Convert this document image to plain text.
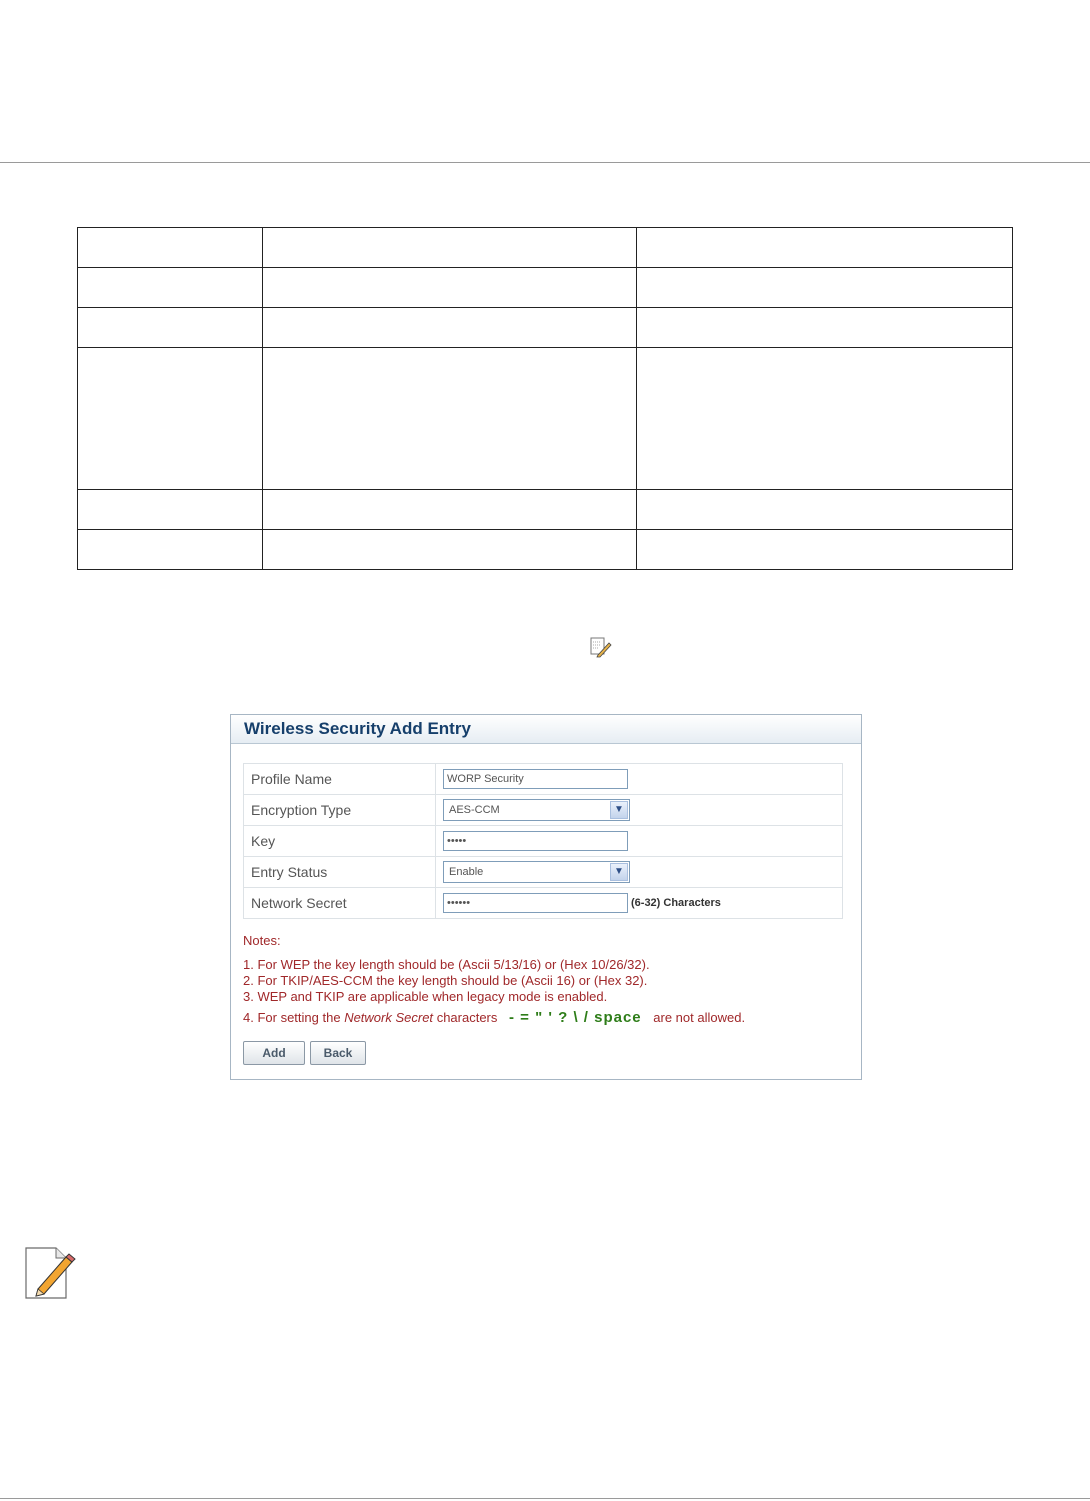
Wireless Security Add Entry
Profile Name	WORP Security
Encryption Type	AES-CCM ▼

Key	•••••
Entry Status	Enable ▼

Network Secret	•••••• (6-32) Characters
Notes:
1. For WEP the key length should be (Ascii 5/13/16) or (Hex 10/26/32).
2. For TKIP/AES-CCM the key length should be (Ascii 16) or (Hex 32).
3. WEP and TKIP are applicable when legacy mode is enabled.
4. For setting the Network Secret characters - = " ' ? \ / space are not allowed.
Add	Back
